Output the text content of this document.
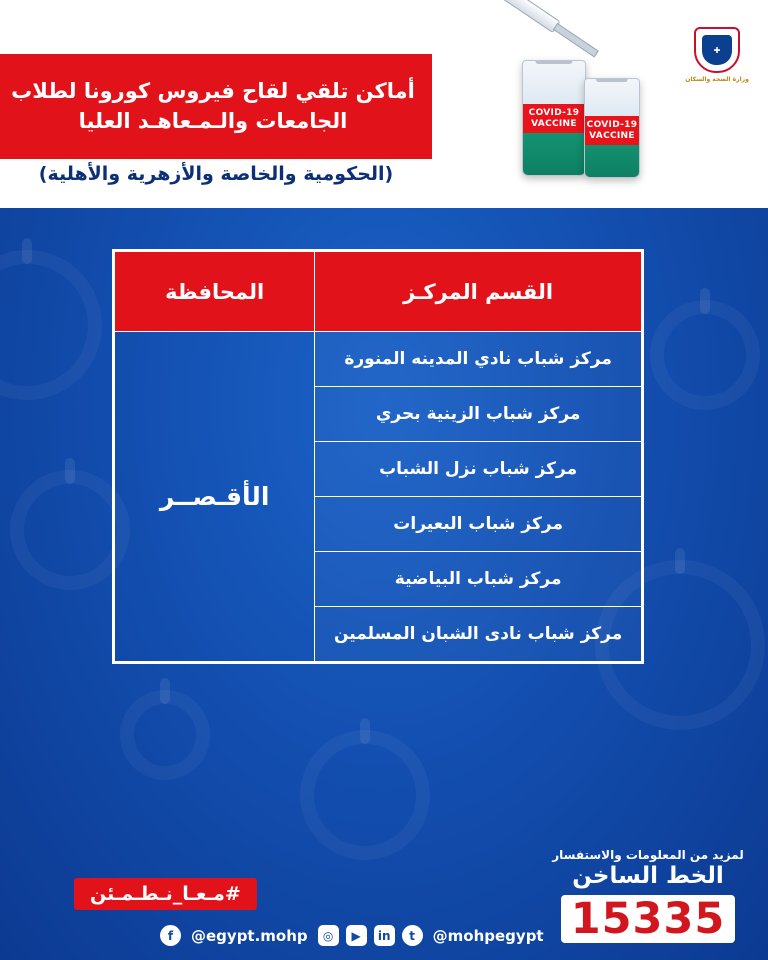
✚
وزارة الصحة والسكان
COVID-19
VACCINE	COVID-19
VACCINE
أماكن تلقي لقاح فيروس كورونا لطلاب
الجامعات والـمـعاهـد العليا
(الحكومية والخاصة والأزهرية والأهلية)
القسم المركـز	المحافظة
مركز شباب نادي المدينه المنورة	الأقـصــر
مركز شباب الزينية بحري	
مركز شباب نزل الشباب	
مركز شباب البعيرات	
مركز شباب البياضية	
مركز شباب نادى الشبان المسلمين	
لمزيد من المعلومات والاستفسار
الخط الساخن
15335
#مـعـا_نـطـمـئن
f	@egypt.mohp	◎	▶	in	t	@mohpegypt
